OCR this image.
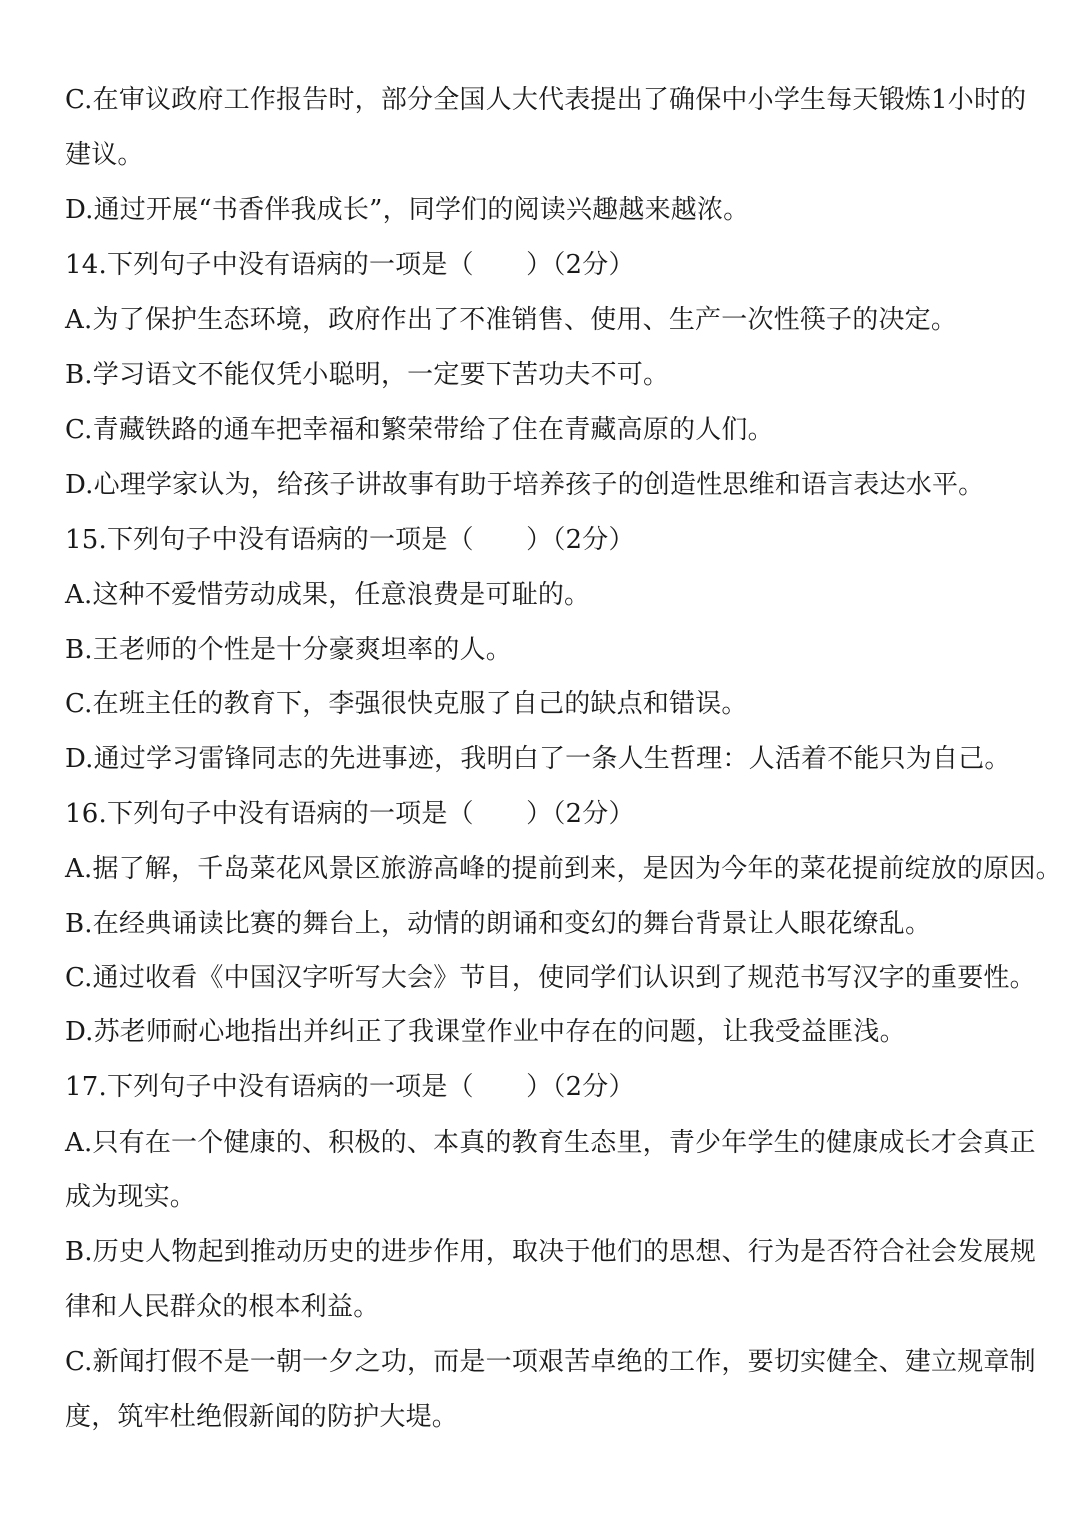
C.在审议政府工作报告时，部分全国人大代表提出了确保中小学生每天锻炼1小时的
建议。
D.通过开展“书香伴我成长”，同学们的阅读兴趣越来越浓。
14.下列句子中没有语病的一项是（　　）（2分）
A.为了保护生态环境，政府作出了不准销售、使用、生产一次性筷子的决定。
B.学习语文不能仅凭小聪明，一定要下苦功夫不可。
C.青藏铁路的通车把幸福和繁荣带给了住在青藏高原的人们。
D.心理学家认为，给孩子讲故事有助于培养孩子的创造性思维和语言表达水平。
15.下列句子中没有语病的一项是（　　）（2分）
A.这种不爱惜劳动成果，任意浪费是可耻的。
B.王老师的个性是十分豪爽坦率的人。
C.在班主任的教育下，李强很快克服了自己的缺点和错误。
D.通过学习雷锋同志的先进事迹，我明白了一条人生哲理：人活着不能只为自己。
16.下列句子中没有语病的一项是（　　）（2分）
A.据了解，千岛菜花风景区旅游高峰的提前到来，是因为今年的菜花提前绽放的原因。
B.在经典诵读比赛的舞台上，动情的朗诵和变幻的舞台背景让人眼花缭乱。
C.通过收看《中国汉字听写大会》节目，使同学们认识到了规范书写汉字的重要性。
D.苏老师耐心地指出并纠正了我课堂作业中存在的问题，让我受益匪浅。
17.下列句子中没有语病的一项是（　　）（2分）
A.只有在一个健康的、积极的、本真的教育生态里，青少年学生的健康成长才会真正
成为现实。
B.历史人物起到推动历史的进步作用，取决于他们的思想、行为是否符合社会发展规
律和人民群众的根本利益。
C.新闻打假不是一朝一夕之功，而是一项艰苦卓绝的工作，要切实健全、建立规章制
度，筑牢杜绝假新闻的防护大堤。
